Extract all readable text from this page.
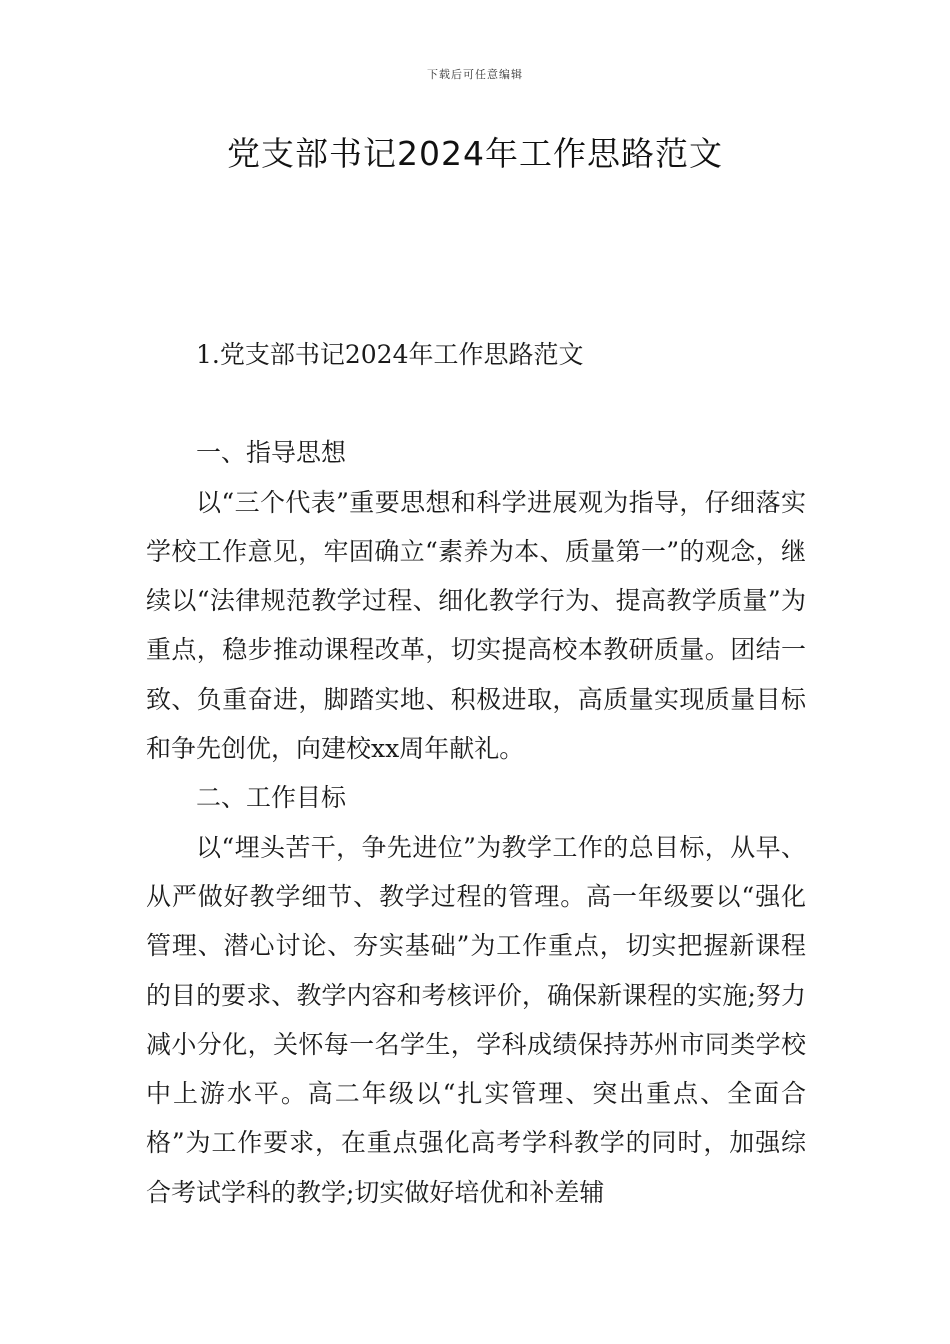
下载后可任意编辑
党支部书记2024年工作思路范文

1.党支部书记2024年工作思路范文

一、指导思想

以“三个代表”重要思想和科学进展观为指导，仔细落实学校工作意见，牢固确立“素养为本、质量第一”的观念，继续以“法律规范教学过程、细化教学行为、提高教学质量”为重点，稳步推动课程改革，切实提高校本教研质量。团结一致、负重奋进，脚踏实地、积极进取，高质量实现质量目标和争先创优，向建校xx周年献礼。

二、工作目标

以“埋头苦干，争先进位”为教学工作的总目标，从早、从严做好教学细节、教学过程的管理。高一年级要以“强化管理、潜心讨论、夯实基础”为工作重点，切实把握新课程的目的要求、教学内容和考核评价，确保新课程的实施;努力减小分化，关怀每一名学生，学科成绩保持苏州市同类学校中上游水平。高二年级以“扎实管理、突出重点、全面合格”为工作要求，在重点强化高考学科教学的同时，加强综合考试学科的教学;切实做好培优和补差辅
